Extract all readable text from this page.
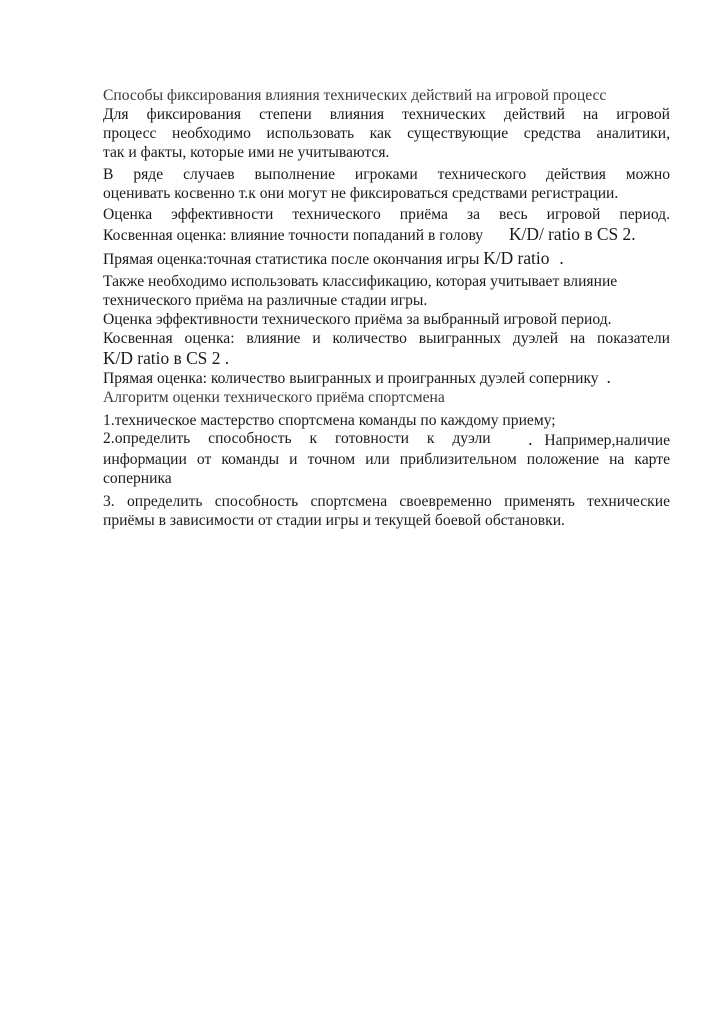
Способы фиксирования влияния технических действий на игровой процесс
Для фиксирования степени влияния технических действий на игровой
процесс необходимо использовать как существующие средства аналитики,
так и факты, которые ими не учитываются.
В ряде случаев выполнение игроками технического действия можно
оценивать косвенно т.к они могут не фиксироваться средствами регистрации.
Оценка эффективности технического приёма за весь игровой период.
Косвенная оценка: влияние точности попаданий в голову K/D/ ratio в CS 2.
Прямая оценка:точная статистика после окончания игры K/D ratio .
Также необходимо использовать классификацию, которая учитывает влияние
технического приёма на различные стадии игры.
Оценка эффективности технического приёма за выбранный игровой период.
Косвенная оценка: влияние и количество выигранных дуэлей на показатели
K/D ratio в CS 2 .
Прямая оценка: количество выигранных и проигранных дуэлей сопернику .
Алгоритм оценки технического приёма спортсмена
1.техническое мастерство спортсмена команды по каждому приему;
2.определить способность к готовности к дуэли . Например,наличие
информации от команды и точном или приблизительном положение на карте
соперника
3. определить способность спортсмена своевременно применять технические
приёмы в зависимости от стадии игры и текущей боевой обстановки.
